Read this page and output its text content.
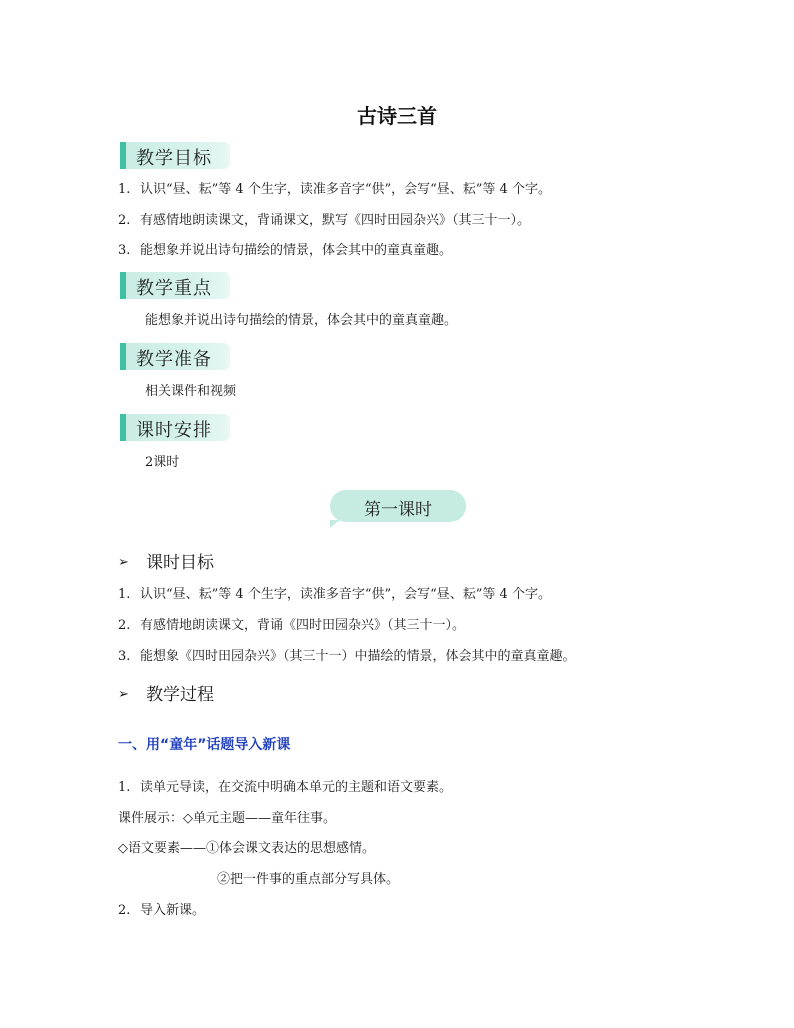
古诗三首
教学目标
1. 认识“昼、耘”等 4 个生字，读准多音字“供”，会写“昼、耘”等 4 个字。
2. 有感情地朗读课文，背诵课文，默写《四时田园杂兴》（其三十一）。
3. 能想象并说出诗句描绘的情景，体会其中的童真童趣。
教学重点
能想象并说出诗句描绘的情景，体会其中的童真童趣。
教学准备
相关课件和视频
课时安排
2课时
第一课时
➢ 课时目标
1. 认识“昼、耘”等 4 个生字，读准多音字“供”，会写“昼、耘”等 4 个字。
2. 有感情地朗读课文，背诵《四时田园杂兴》（其三十一）。
3. 能想象《四时田园杂兴》（其三十一）中描绘的情景，体会其中的童真童趣。
➢ 教学过程
一、用“童年”话题导入新课
1. 读单元导读，在交流中明确本单元的主题和语文要素。
课件展示：◇单元主题——童年往事。
◇语文要素——①体会课文表达的思想感情。
②把一件事的重点部分写具体。
2. 导入新课。
